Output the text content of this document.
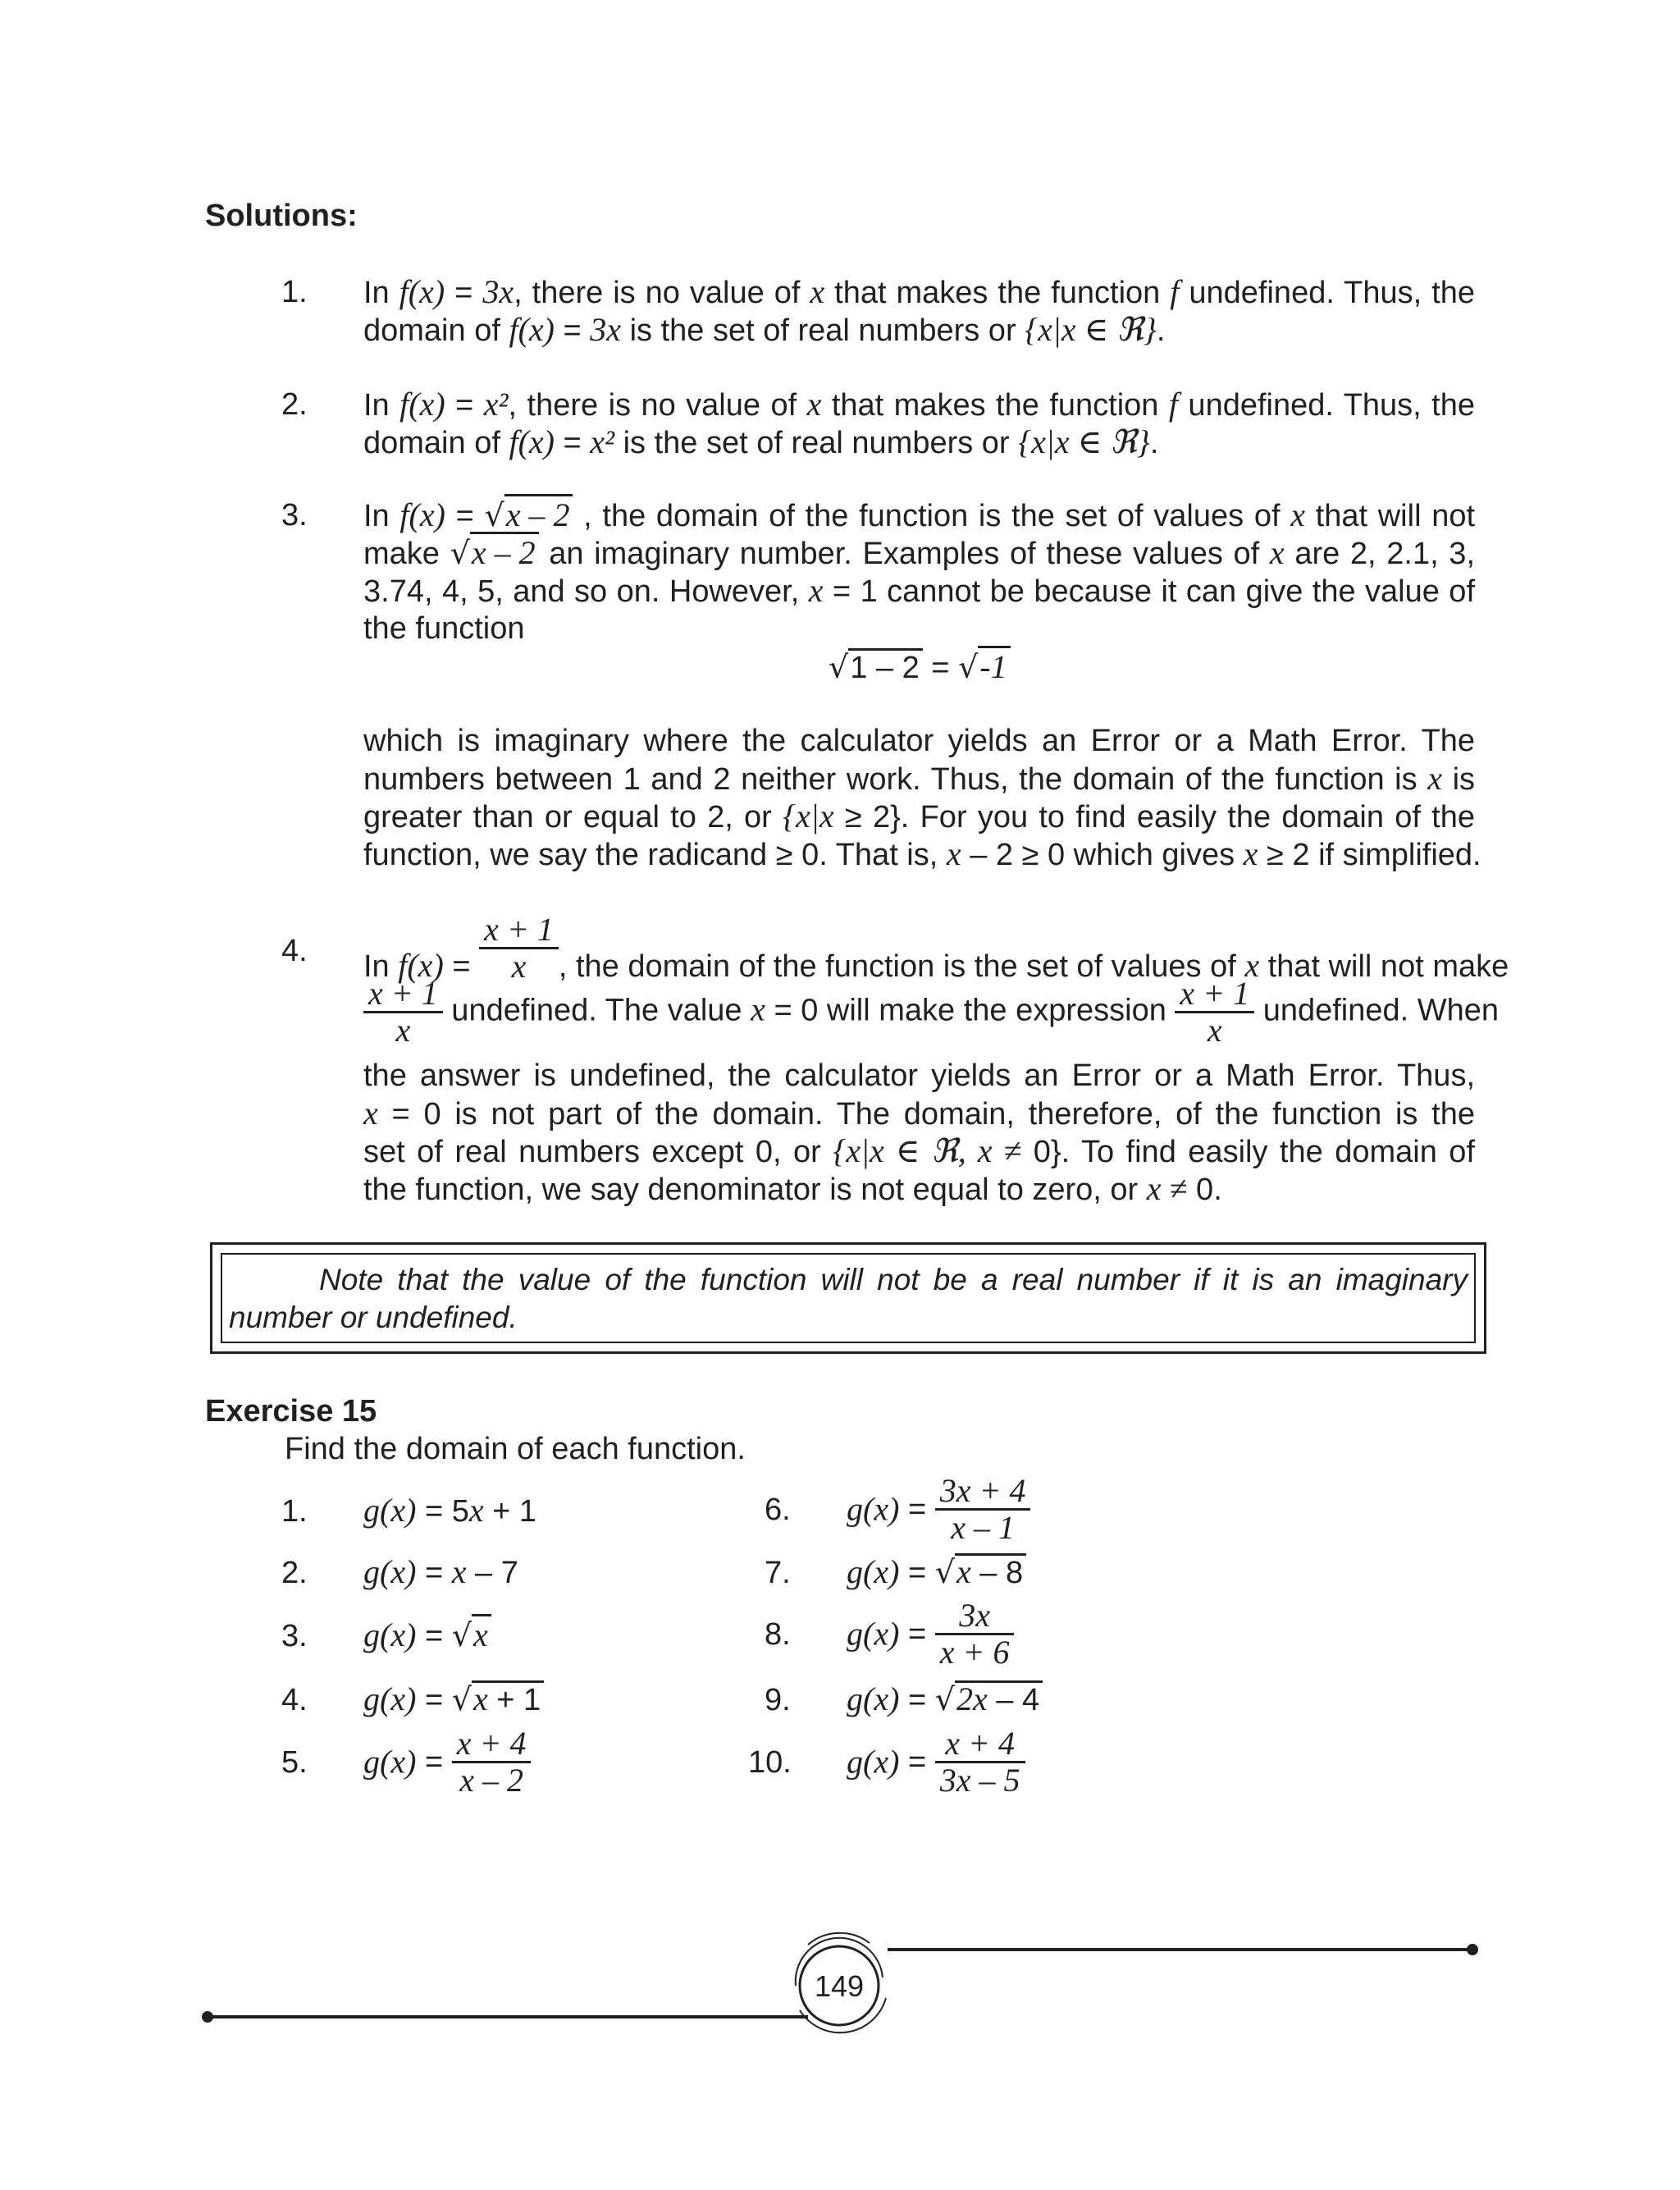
Solutions:
1. In f(x) = 3x, there is no value of x that makes the function f undefined. Thus, the
domain of f(x) = 3x is the set of real numbers or {x|x ∈ ℜ}.
2. In f(x) = x², there is no value of x that makes the function f undefined. Thus, the
domain of f(x) = x² is the set of real numbers or {x|x ∈ ℜ}.
3. In f(x) = √x – 2 , the domain of the function is the set of values of x that will not
make √x – 2 an imaginary number. Examples of these values of x are 2, 2.1, 3,
3.74, 4, 5, and so on. However, x = 1 cannot be because it can give the value of
the function
√1 – 2 = √-1
which is imaginary where the calculator yields an Error or a Math Error. The
numbers between 1 and 2 neither work. Thus, the domain of the function is x is
greater than or equal to 2, or {x|x ≥ 2}. For you to find easily the domain of the
function, we say the radicand ≥ 0. That is, x – 2 ≥ 0 which gives x ≥ 2 if simplified.
4. In $f(x) = \frac{x + 1}{x}$ , the domain of the function is the set of values of x that will not make
$\frac{x + 1}{x}$ undefined. The value x = 0 will make the expression $\frac{x + 1}{x}$ undefined. When
the answer is undefined, the calculator yields an Error or a Math Error. Thus,
x = 0 is not part of the domain. The domain, therefore, of the function is the
set of real numbers except 0, or {x|x ∈ ℜ, x ≠ 0}. To find easily the domain of
the function, we say denominator is not equal to zero, or x ≠ 0.
Note that the value of the function will not be a real number if it is an imaginary
number or undefined.
Exercise 15
Find the domain of each function.
1. g(x) = 5x + 1
2. g(x) = x – 7
3. g(x) = √x
4. g(x) = √x + 1
5. $g(x) = \frac{x + 4}{x - 2}$
6. $g(x) = \frac{3x + 4}{x - 1}$
7. g(x) = √x – 8
8. $g(x) = \frac{3x}{x + 6}$
9. g(x) = √2x – 4
10. $g(x) = \frac{x + 4}{3x - 5}$
149
